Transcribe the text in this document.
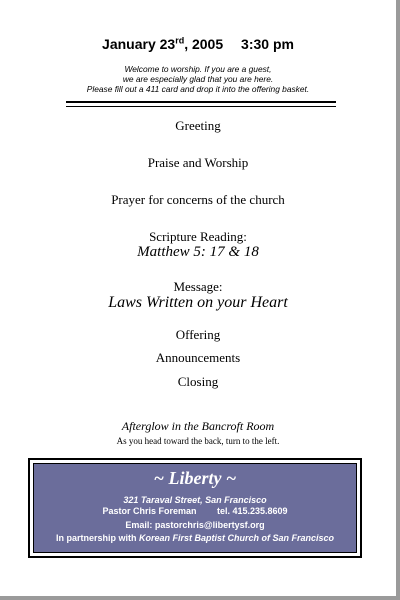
January 23rd, 2005 3:30 pm
Welcome to worship. If you are a guest,
we are especially glad that you are here.
Please fill out a 411 card and drop it into the offering basket.
Greeting
Praise and Worship
Prayer for concerns of the church
Scripture Reading:
Matthew 5: 17 & 18
Message:
Laws Written on your Heart
Offering
Announcements
Closing
Afterglow in the Bancroft Room
As you head toward the back, turn to the left.
~ Liberty ~
321 Taraval Street, San Francisco
Pastor Chris Foreman tel. 415.235.8609
Email: pastorchris@libertysf.org
In partnership with Korean First Baptist Church of San Francisco
